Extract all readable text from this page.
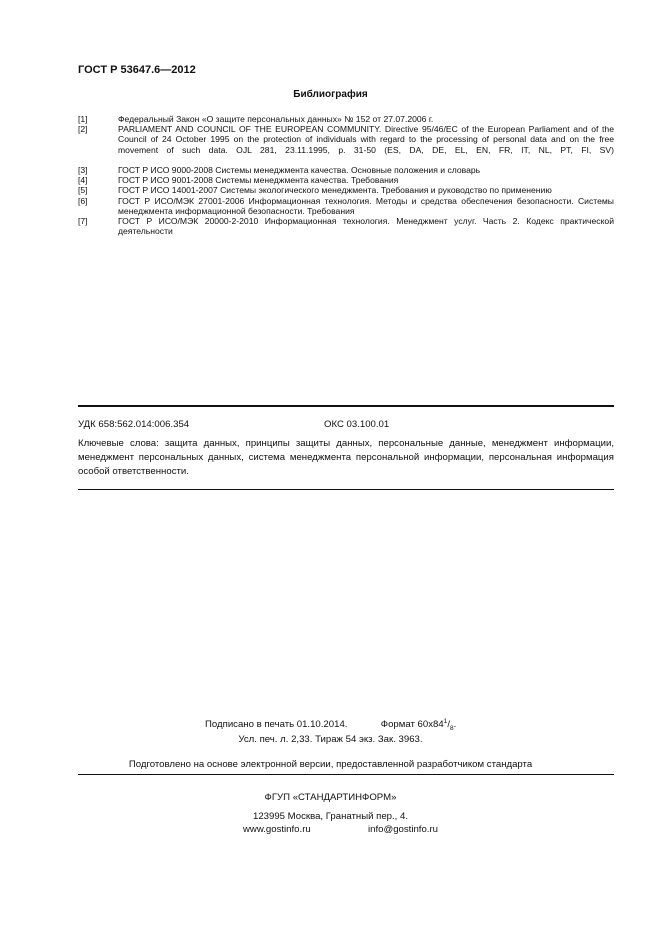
ГОСТ Р 53647.6—2012
Библиография
[1]	Федеральный Закон «О защите персональных данных» № 152 от 27.07.2006 г.
[2]	PARLIAMENT AND COUNCIL OF THE EUROPEAN COMMUNITY. Directive 95/46/EC of the European Parliament and of the Council of 24 October 1995 on the protection of individuals with regard to the processing of personal data and on the free movement of such data. OJL 281, 23.11.1995, p. 31-50 (ES, DA, DE, EL, EN, FR, IT, NL, PT, FI, SV)
[3]	ГОСТ Р ИСО 9000-2008 Системы менеджмента качества. Основные положения и словарь
[4]	ГОСТ Р ИСО 9001-2008 Системы менеджмента качества. Требования
[5]	ГОСТ Р ИСО 14001-2007 Системы экологического менеджмента. Требования и руководство по применению
[6]	ГОСТ Р ИСО/МЭК 27001-2006 Информационная технология. Методы и средства обеспечения безопасности. Системы менеджмента информационной безопасности. Требования
[7]	ГОСТ Р ИСО/МЭК 20000-2-2010 Информационная технология. Менеджмент услуг. Часть 2. Кодекс практической деятельности
УДК 658:562.014:006.354	ОКС 03.100.01
Ключевые слова: защита данных, принципы защиты данных, персональные данные, менеджмент информации, менеджмент персональных данных, система менеджмента персональной информации, персональная информация особой ответственности.
Подписано в печать 01.10.2014.	Формат $60x84^1/_8$.
Усл. печ. л. 2,33. Тираж 54 экз. Зак. 3963.
Подготовлено на основе электронной версии, предоставленной разработчиком стандарта
ФГУП «СТАНДАРТИНФОРМ»
123995 Москва, Гранатный пер., 4.
www.gostinfo.ru	info@gostinfo.ru
